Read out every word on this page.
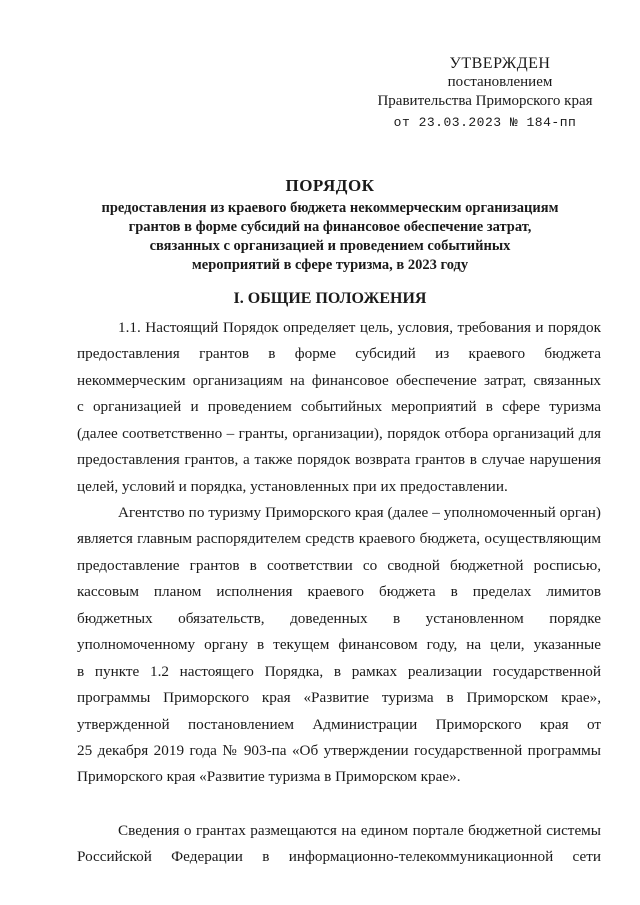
УТВЕРЖДЕН
постановлением
Правительства Приморского края
от 23.03.2023 № 184-пп
ПОРЯДОК
предоставления из краевого бюджета некоммерческим организациям
грантов в форме субсидий на финансовое обеспечение затрат,
связанных с организацией и проведением событийных
мероприятий в сфере туризма, в 2023 году
I. ОБЩИЕ ПОЛОЖЕНИЯ
1.1. Настоящий Порядок определяет цель, условия, требования и порядок
предоставления грантов в форме субсидий из краевого бюджета
некоммерческим организациям на финансовое обеспечение затрат, связанных
с организацией и проведением событийных мероприятий в сфере туризма
(далее соответственно – гранты, организации), порядок отбора организаций для
предоставления грантов, а также порядок возврата грантов в случае нарушения
целей, условий и порядка, установленных при их предоставлении.
Агентство по туризму Приморского края (далее – уполномоченный орган)
является главным распорядителем средств краевого бюджета, осуществляющим
предоставление грантов в соответствии со сводной бюджетной росписью,
кассовым планом исполнения краевого бюджета в пределах лимитов
бюджетных обязательств, доведенных в установленном порядке
уполномоченному органу в текущем финансовом году, на цели, указанные
в пункте 1.2 настоящего Порядка, в рамках реализации государственной
программы Приморского края «Развитие туризма в Приморском крае»,
утвержденной постановлением Администрации Приморского края от
25 декабря 2019 года № 903-па «Об утверждении государственной программы
Приморского края «Развитие туризма в Приморском крае».
Сведения о грантах размещаются на едином портале бюджетной системы
Российской Федерации в информационно-телекоммуникационной сети
